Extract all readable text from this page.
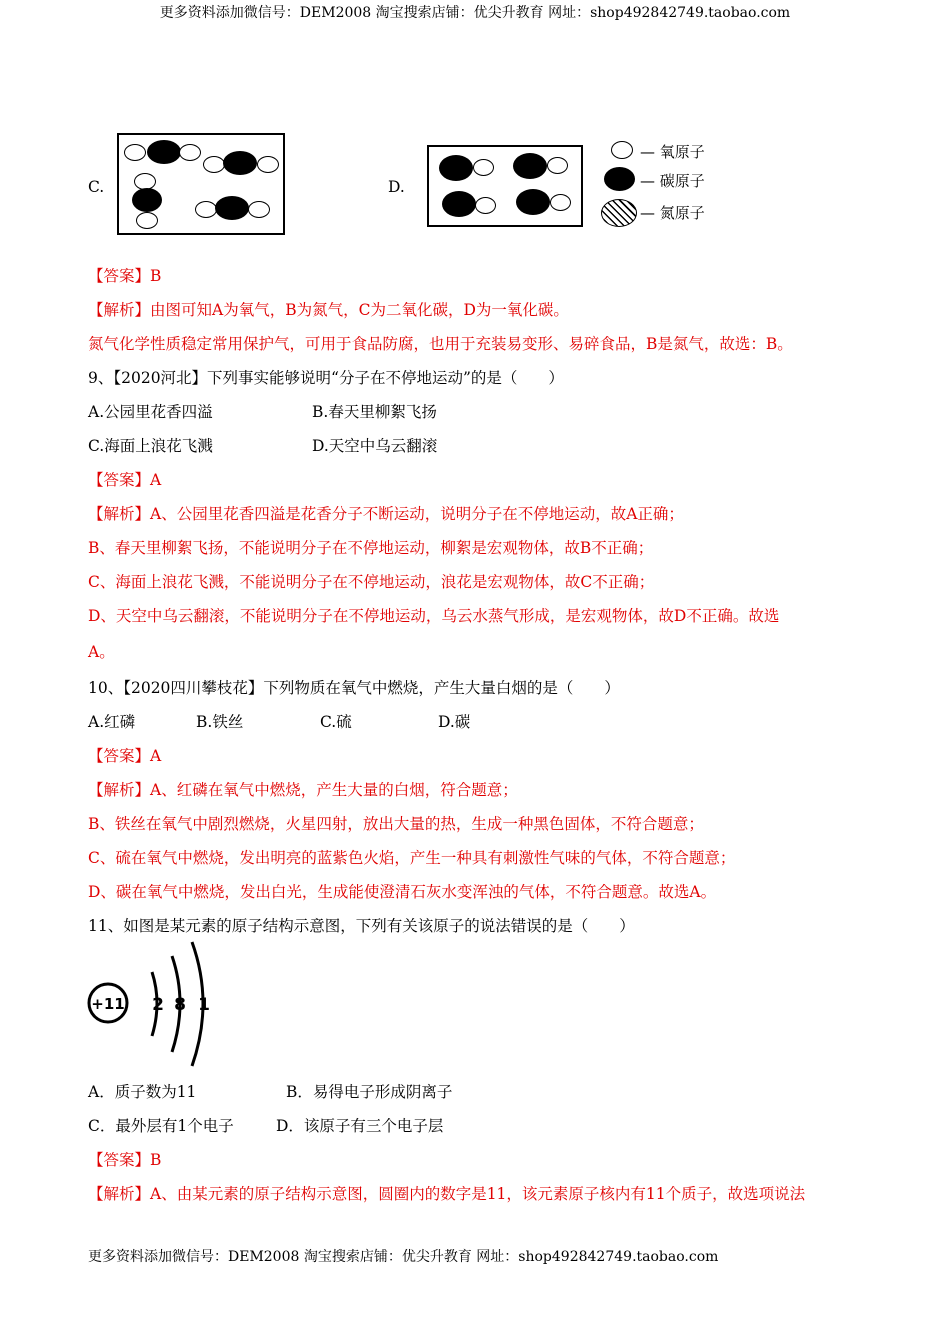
更多资料添加微信号：DEM2008 淘宝搜索店铺：优尖升教育 网址：shop492842749.taobao.com
C.	D.
— 氧原子
— 碳原子
— 氮原子
【答案】B
【解析】由图可知A为氧气，B为氮气，C为二氧化碳，D为一氧化碳。
氮气化学性质稳定常用保护气，可用于食品防腐，也用于充装易变形、易碎食品，B是氮气，故选：B。
9、【2020河北】下列事实能够说明“分子在不停地运动”的是（　　）
A.公园里花香四溢	B.春天里柳絮飞扬
C.海面上浪花飞溅	D.天空中乌云翻滚
【答案】A
【解析】A、公园里花香四溢是花香分子不断运动，说明分子在不停地运动，故A正确；
B、春天里柳絮飞扬，不能说明分子在不停地运动，柳絮是宏观物体，故B不正确；
C、海面上浪花飞溅，不能说明分子在不停地运动，浪花是宏观物体，故C不正确；
D、天空中乌云翻滚，不能说明分子在不停地运动，乌云水蒸气形成，是宏观物体，故D不正确。故选
A。
10、【2020四川攀枝花】下列物质在氧气中燃烧，产生大量白烟的是（　　）
A.红磷	B.铁丝	C.硫	D.碳
【答案】A
【解析】A、红磷在氧气中燃烧，产生大量的白烟，符合题意；
B、铁丝在氧气中剧烈燃烧，火星四射，放出大量的热，生成一种黑色固体，不符合题意；
C、硫在氧气中燃烧，发出明亮的蓝紫色火焰，产生一种具有刺激性气味的气体，不符合题意；
D、碳在氧气中燃烧，发出白光，生成能使澄清石灰水变浑浊的气体，不符合题意。故选A。
11、如图是某元素的原子结构示意图，下列有关该原子的说法错误的是（　　）
+11 2 8 1
A．质子数为11	B．易得电子形成阴离子
C．最外层有1个电子	D．该原子有三个电子层
【答案】B
【解析】A、由某元素的原子结构示意图，圆圈内的数字是11，该元素原子核内有11个质子，故选项说法
更多资料添加微信号：DEM2008 淘宝搜索店铺：优尖升教育 网址：shop492842749.taobao.com
